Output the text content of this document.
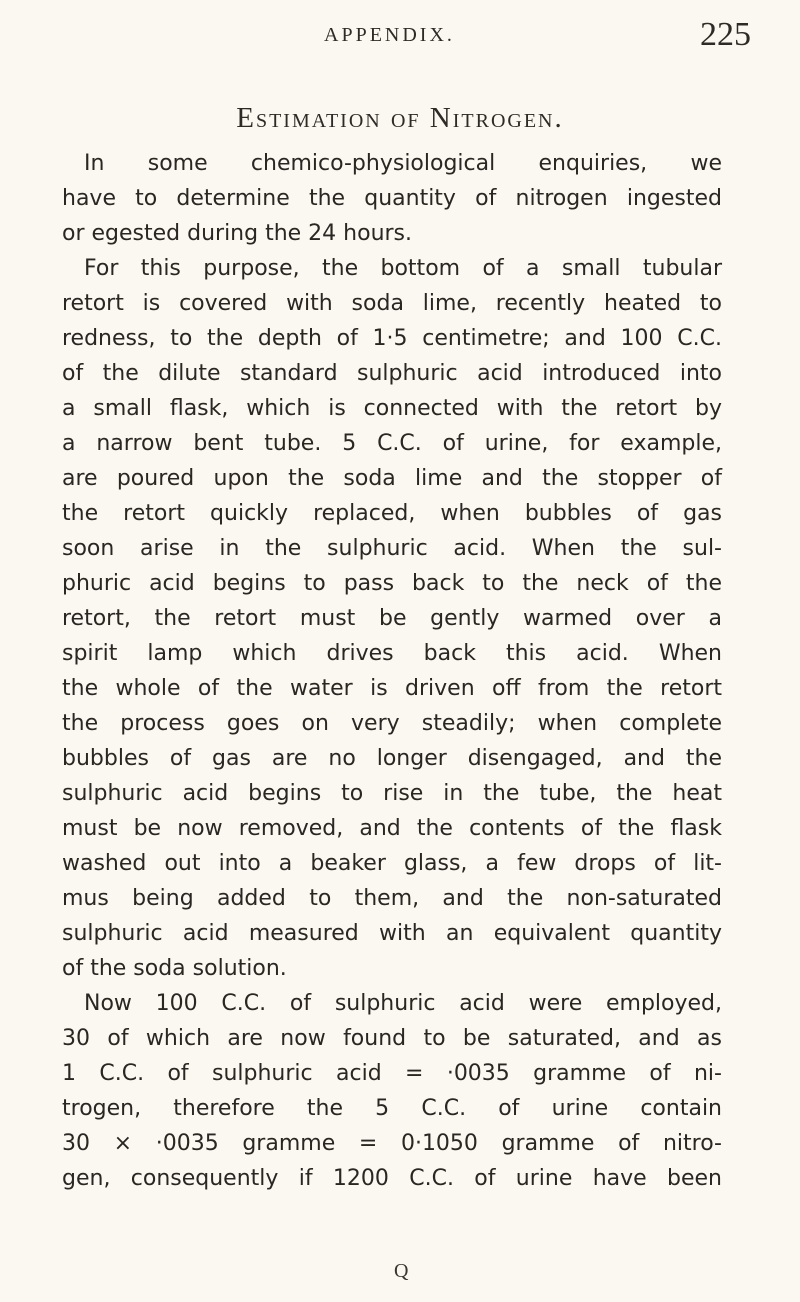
APPENDIX.	225
Estimation of Nitrogen.
In some chemico-physiological enquiries, we
have to determine the quantity of nitrogen ingested
or egested during the 24 hours.
For this purpose, the bottom of a small tubular
retort is covered with soda lime, recently heated to
redness, to the depth of 1·5 centimetre; and 100 C.C.
of the dilute standard sulphuric acid introduced into
a small flask, which is connected with the retort by
a narrow bent tube. 5 C.C. of urine, for example,
are poured upon the soda lime and the stopper of
the retort quickly replaced, when bubbles of gas
soon arise in the sulphuric acid. When the sul-
phuric acid begins to pass back to the neck of the
retort, the retort must be gently warmed over a
spirit lamp which drives back this acid. When
the whole of the water is driven off from the retort
the process goes on very steadily; when complete
bubbles of gas are no longer disengaged, and the
sulphuric acid begins to rise in the tube, the heat
must be now removed, and the contents of the flask
washed out into a beaker glass, a few drops of lit-
mus being added to them, and the non-saturated
sulphuric acid measured with an equivalent quantity
of the soda solution.
Now 100 C.C. of sulphuric acid were employed,
30 of which are now found to be saturated, and as
1 C.C. of sulphuric acid = ·0035 gramme of ni-
trogen, therefore the 5 C.C. of urine contain
30 × ·0035 gramme = 0·1050 gramme of nitro-
gen, consequently if 1200 C.C. of urine have been
Q
